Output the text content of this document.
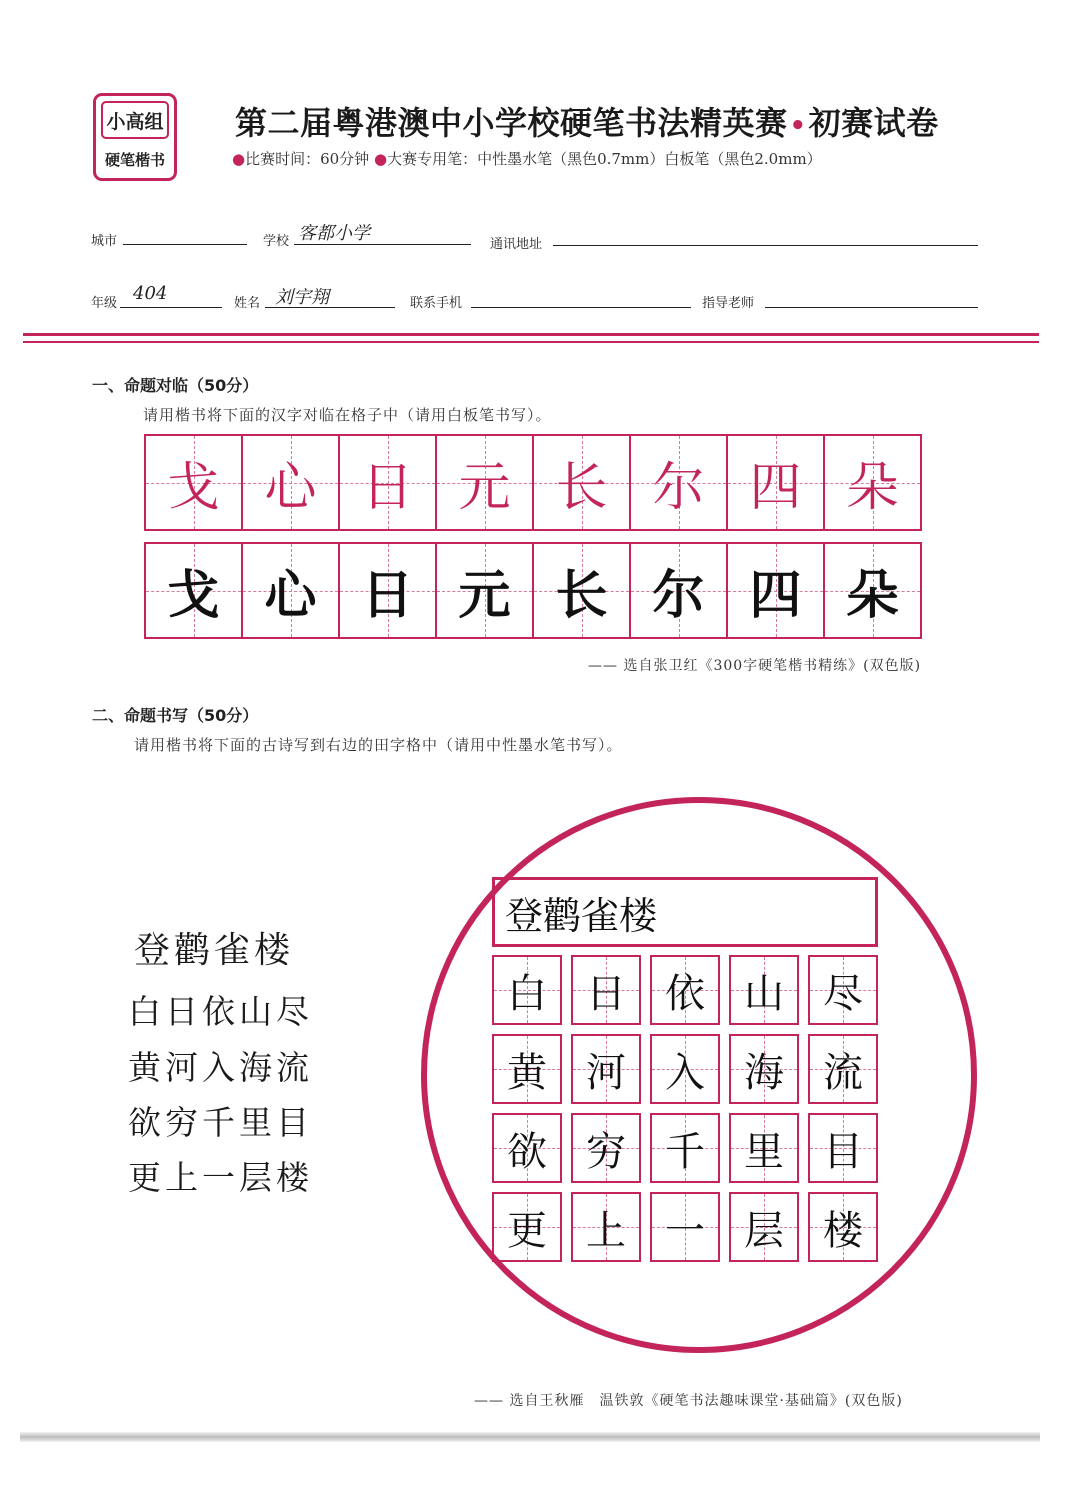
小高组
硬笔楷书
第二届粤港澳中小学校硬笔书法精英赛•初赛试卷
●比赛时间：60分钟 ●大赛专用笔：中性墨水笔（黑色0.7mm）白板笔（黑色2.0mm）
城市	学校 客都小学
通讯地址
年级 404	姓名 刘宇翔	联系手机	指导老师
一、命题对临（50分）
请用楷书将下面的汉字对临在格子中（请用白板笔书写）。
戈 心 日 元 长 尔 四 朵
戈 心 日 元 长 尔 四 朵
—— 选自张卫红《300字硬笔楷书精练》(双色版)
二、命题书写（50分）
请用楷书将下面的古诗写到右边的田字格中（请用中性墨水笔书写）。
登鹳雀楼
白日依山尽
黄河入海流
欲穷千里目
更上一层楼
登鹳雀楼
白 日 依 山 尽
黄 河 入 海 流
欲 穷 千 里 目
更 上 一 层 楼
—— 选自王秋雁　温铁敦《硬笔书法趣味课堂·基础篇》(双色版)
